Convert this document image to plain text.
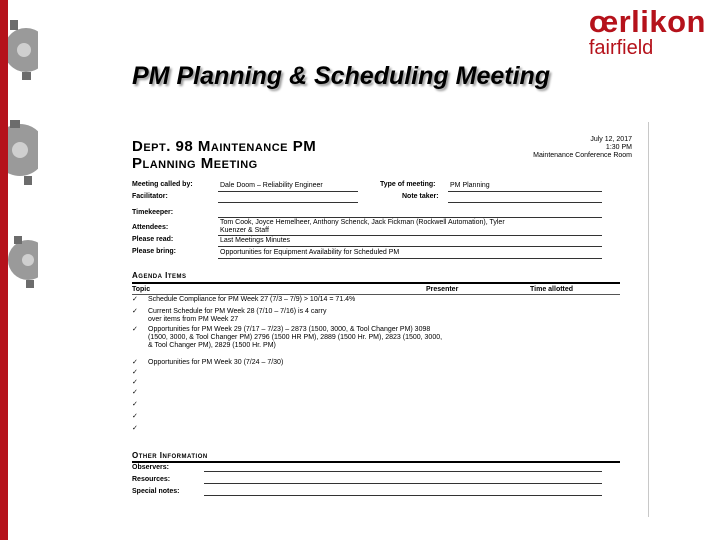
œrlikon
fairfield
PM Planning & Scheduling Meeting
Dept. 98 Maintenance PM
Planning Meeting
July 12, 2017
1:30 PM
Maintenance Conference Room
Meeting called by:	Dale Doom – Reliability Engineer	Type of meeting: PM Planning
Facilitator:	Note taker:
Timekeeper:
Attendees:
Tom Cook, Joyce Hemelheer, Anthony Schenck, Jack Fickman (Rockwell Automation), Tyler
Kuenzer & Staff
Please read:	Last Meetings Minutes
Please bring:	Opportunities for Equipment Availability for Scheduled PM
Agenda Items
Topic	Presenter	Time allotted
✓ Schedule Compliance for PM Week 27 (7/3 – 7/9) > 10/14 = 71.4%
✓ Current Schedule for PM Week 28 (7/10 – 7/16) is 4 carry over items from PM Week 27
✓ Opportunities for PM Week 29 (7/17 – 7/23) – 2873 (1500, 3000, & Tool Changer PM) 3098 (1500, 3000, & Tool Changer PM) 2796 (1500 HR PM), 2889 (1500 Hr. PM), 2823 (1500, 3000, & Tool Changer PM), 2829 (1500 Hr. PM)
✓ Opportunities for PM Week 30 (7/24 – 7/30)
✓
✓
✓
✓
✓
✓
Other Information
Observers:
Resources:
Special notes:
